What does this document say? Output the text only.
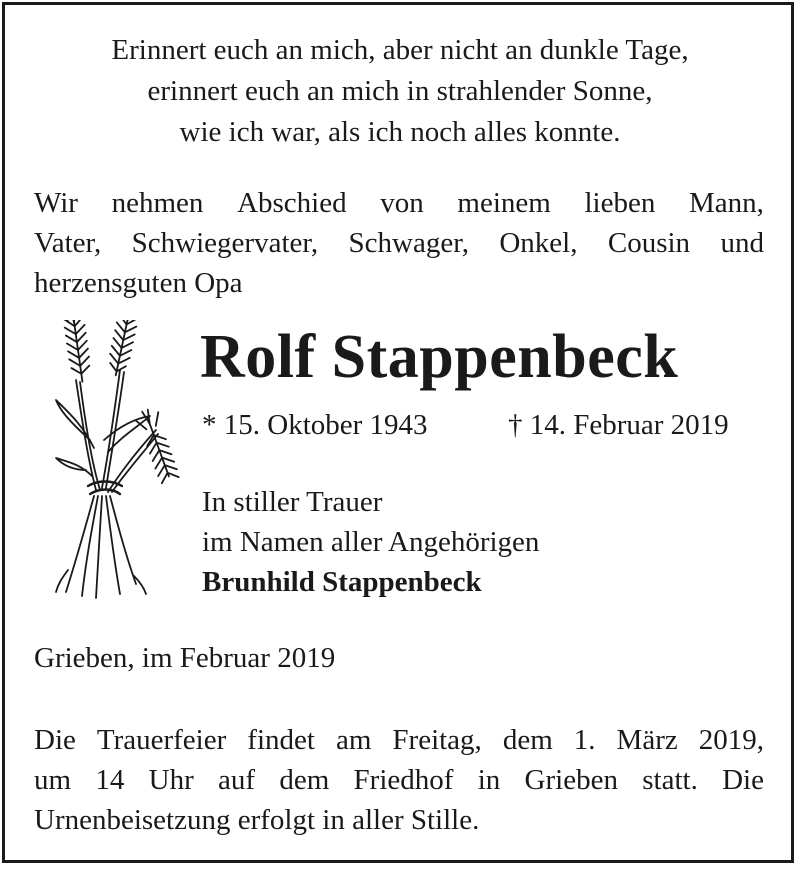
Erinnert euch an mich, aber nicht an dunkle Tage,
erinnert euch an mich in strahlender Sonne,
wie ich war, als ich noch alles konnte.
Wir nehmen Abschied von meinem lieben Mann,
Vater, Schwiegervater, Schwager, Onkel, Cousin und
herzensguten Opa
Rolf Stappenbeck
* 15. Oktober 1943	† 14. Februar 2019
In stiller Trauer
im Namen aller Angehörigen
Brunhild Stappenbeck
Grieben, im Februar 2019
Die Trauerfeier findet am Freitag, dem 1. März 2019,
um 14 Uhr auf dem Friedhof in Grieben statt. Die
Urnenbeisetzung erfolgt in aller Stille.
